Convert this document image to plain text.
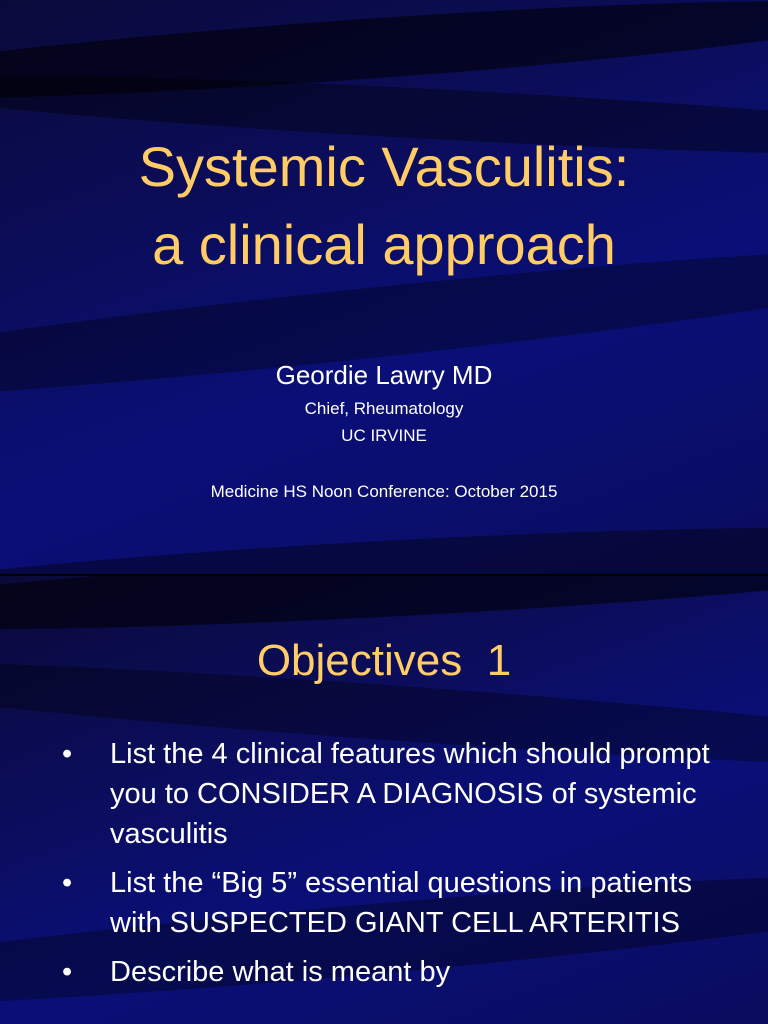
Systemic Vasculitis:
a clinical approach
Geordie Lawry MD
Chief, Rheumatology
UC IRVINE
Medicine HS Noon Conference: October 2015
Objectives  1
• List the 4 clinical features which should prompt you to CONSIDER A DIAGNOSIS of systemic vasculitis
• List the “Big 5” essential questions in patients with SUSPECTED GIANT CELL ARTERITIS
• Describe what is meant by
